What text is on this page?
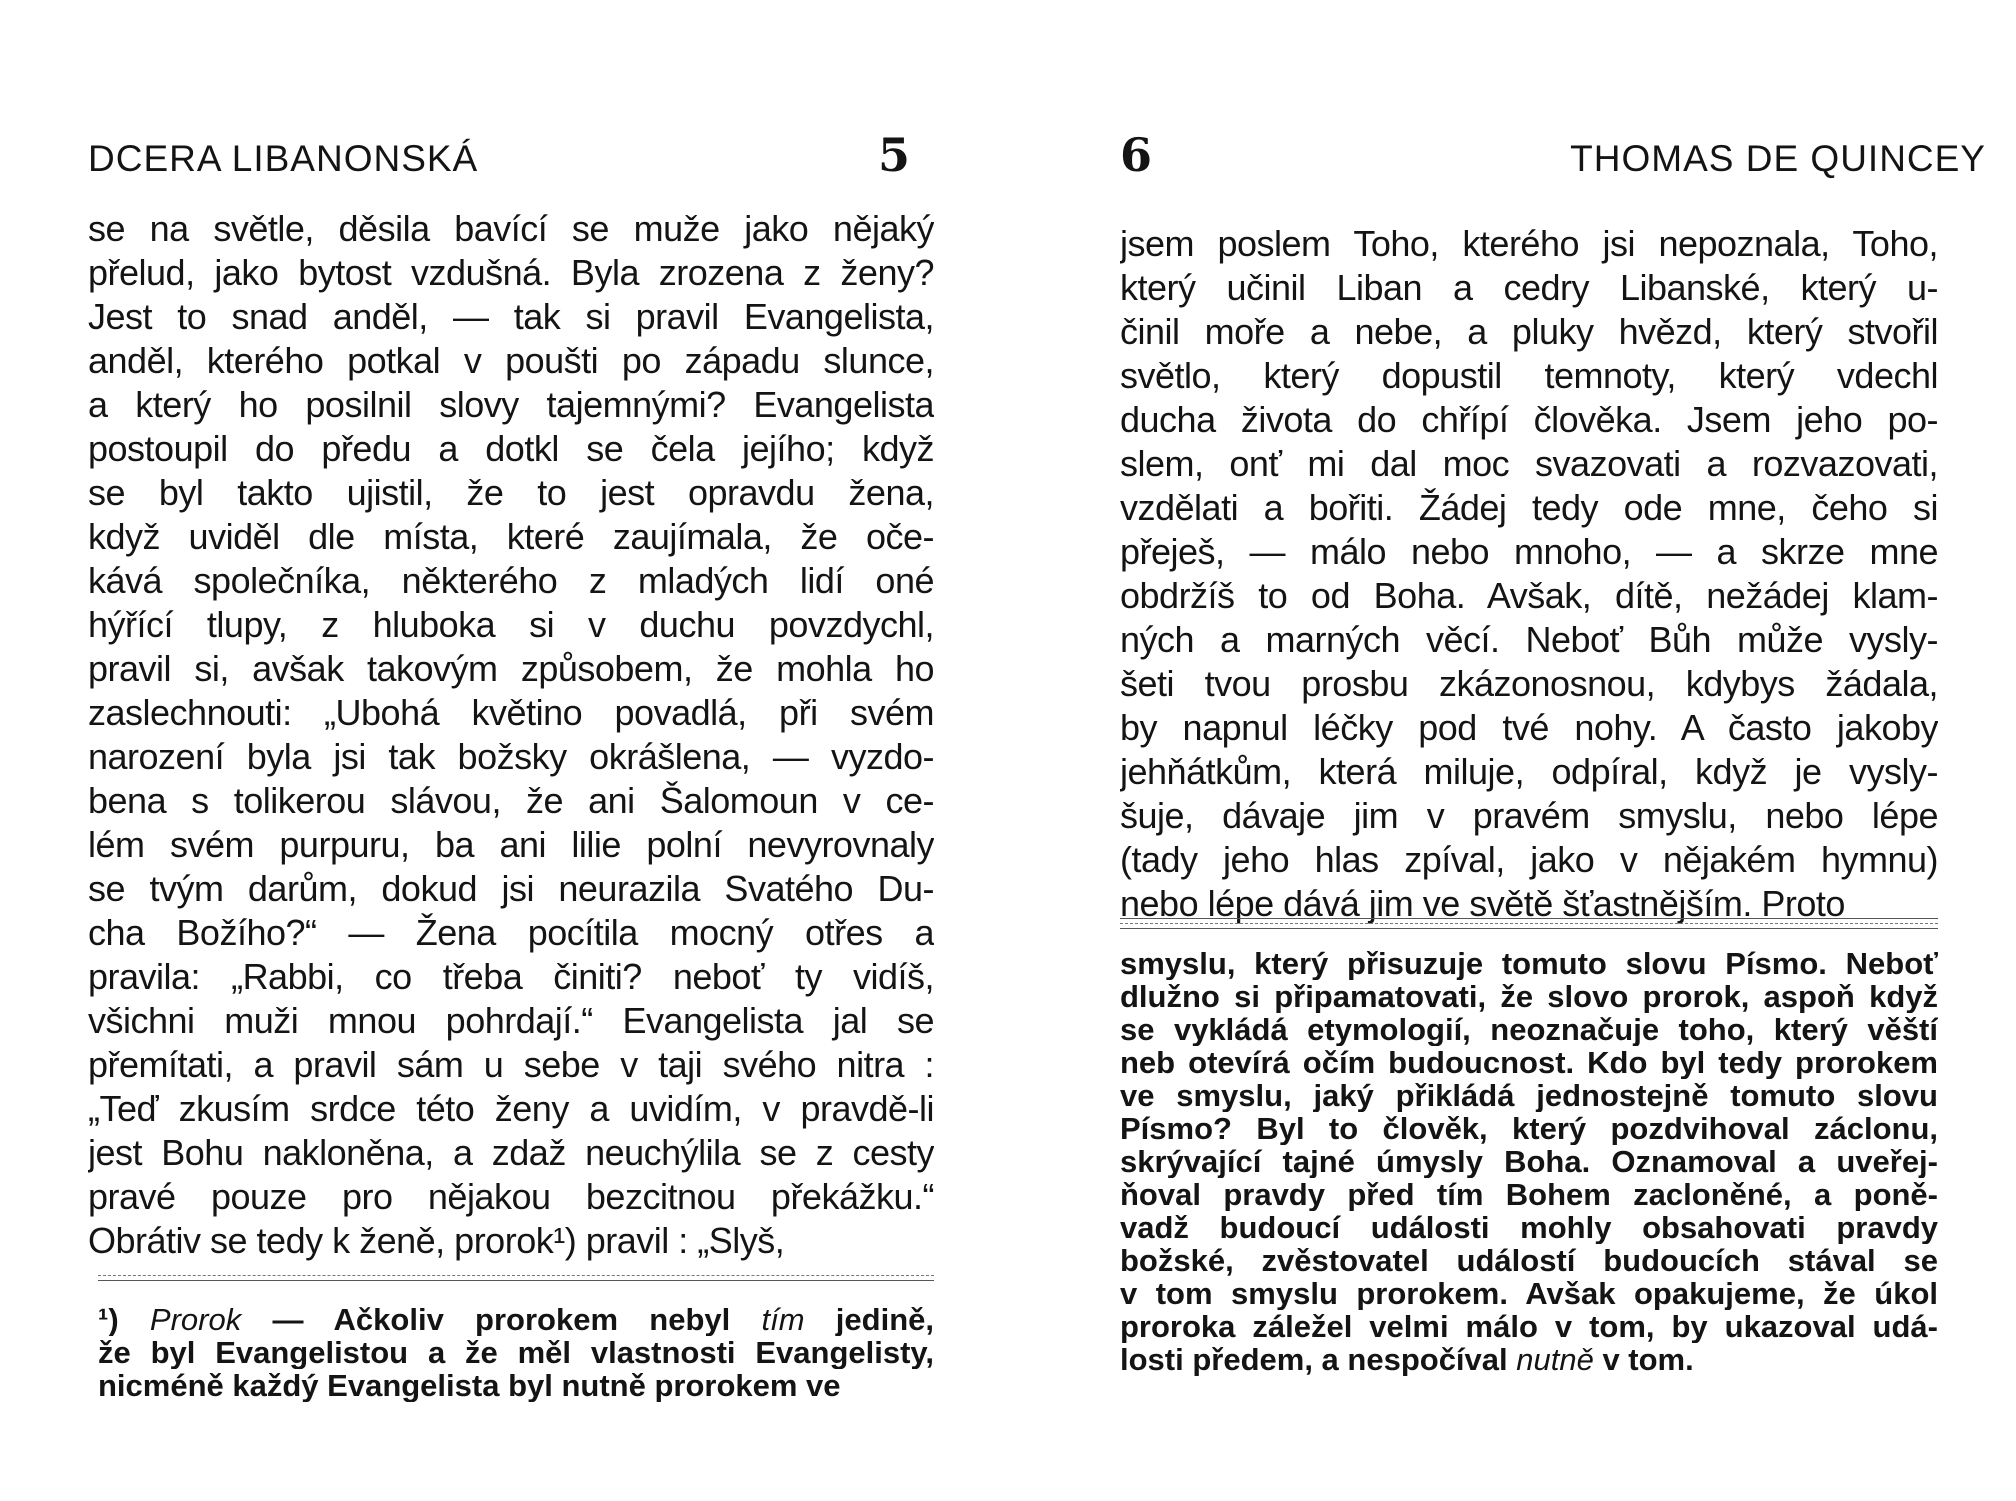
DCERA LIBANONSKÁ	5
se na světle, děsila bavící se muže jako nějaký
přelud, jako bytost vzdušná. Byla zrozena z ženy?
Jest to snad anděl, — tak si pravil Evangelista,
anděl, kterého potkal v poušti po západu slunce,
a který ho posilnil slovy tajemnými? Evangelista
postoupil do předu a dotkl se čela jejího; když
se byl takto ujistil, že to jest opravdu žena,
když uviděl dle místa, které zaujímala, že oče-
kává společníka, některého z mladých lidí oné
hýřící tlupy, z hluboka si v duchu povzdychl,
pravil si, avšak takovým způsobem, že mohla ho
zaslechnouti: „Ubohá květino povadlá, při svém
narození byla jsi tak božsky okrášlena, — vyzdo-
bena s tolikerou slávou, že ani Šalomoun v ce-
lém svém purpuru, ba ani lilie polní nevyrovnaly
se tvým darům, dokud jsi neurazila Svatého Du-
cha Božího?“ — Žena pocítila mocný otřes a
pravila: „Rabbi, co třeba činiti? neboť ty vidíš,
všichni muži mnou pohrdají.“ Evangelista jal se
přemítati, a pravil sám u sebe v taji svého nitra :
„Teď zkusím srdce této ženy a uvidím, v pravdě-li
jest Bohu nakloněna, a zdaž neuchýlila se z cesty
pravé pouze pro nějakou bezcitnou překážku.“
Obrátiv se tedy k ženě, prorok¹) pravil : „Slyš,
¹) Prorok — Ačkoliv prorokem nebyl tím jedině,
že byl Evangelistou a že měl vlastnosti Evangelisty,
nicméně každý Evangelista byl nutně prorokem ve
6	THOMAS DE QUINCEY
jsem poslem Toho, kterého jsi nepoznala, Toho,
který učinil Liban a cedry Libanské, který u-
činil moře a nebe, a pluky hvězd, který stvořil
světlo, který dopustil temnoty, který vdechl
ducha života do chřípí člověka. Jsem jeho po-
slem, onť mi dal moc svazovati a rozvazovati,
vzdělati a bořiti. Žádej tedy ode mne, čeho si
přeješ, — málo nebo mnoho, — a skrze mne
obdržíš to od Boha. Avšak, dítě, nežádej klam-
ných a marných věcí. Neboť Bůh může vysly-
šeti tvou prosbu zkázonosnou, kdybys žádala,
by napnul léčky pod tvé nohy. A často jakoby
jehňátkům, která miluje, odpíral, když je vysly-
šuje, dávaje jim v pravém smyslu, nebo lépe
(tady jeho hlas zpíval, jako v nějakém hymnu)
nebo lépe dává jim ve světě šťastnějším. Proto
smyslu, který přisuzuje tomuto slovu Písmo. Neboť
dlužno si připamatovati, že slovo prorok, aspoň když
se vykládá etymologií, neoznačuje toho, který věští
neb otevírá očím budoucnost. Kdo byl tedy prorokem
ve smyslu, jaký přikládá jednostejně tomuto slovu
Písmo? Byl to člověk, který pozdvihoval záclonu,
skrývající tajné úmysly Boha. Oznamoval a uveřej-
ňoval pravdy před tím Bohem zacloněné, a poně-
vadž budoucí události mohly obsahovati pravdy
božské, zvěstovatel událostí budoucích stával se
v tom smyslu prorokem. Avšak opakujeme, že úkol
proroka záležel velmi málo v tom, by ukazoval udá-
losti předem, a nespočíval nutně v tom.
